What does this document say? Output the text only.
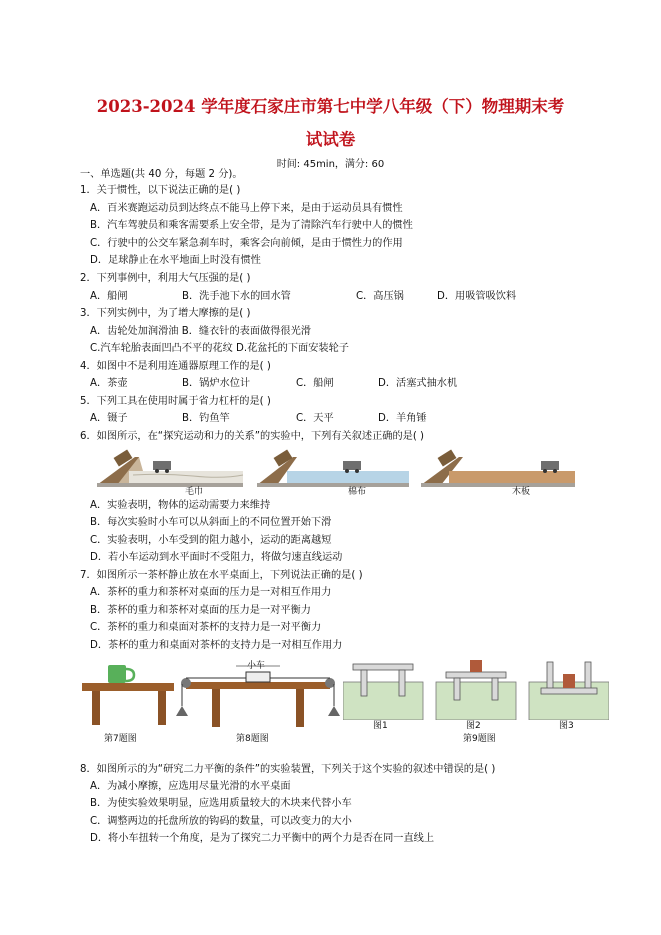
2023-2024 学年度石家庄市第七中学八年级（下）物理期末考
试试卷
时间: 45min，满分: 60
一、单选题(共 40 分，每题 2 分)。
1．关于惯性，以下说法正确的是( )
A．百米赛跑运动员到达终点不能马上停下来，是由于运动员具有惯性
B．汽车驾驶员和乘客需要系上安全带，是为了清除汽车行驶中人的惯性
C．行驶中的公交车紧急刹车时，乘客会向前倾，是由于惯性力的作用
D．足球静止在水平地面上时没有惯性
2．下列事例中，利用大气压强的是( )
A．船闸	B．洗手池下水的回水管	C．高压锅	D．用吸管吸饮料
3．下列实例中，为了增大摩擦的是( )
A．齿轮处加润滑油 B．缝衣针的表面做得很光滑
C.汽车轮胎表面凹凸不平的花纹 D.花盆托的下面安装轮子
4．如图中不是利用连通器原理工作的是( )
A．茶壶	B．锅炉水位计	C．船闸	D．活塞式抽水机
5．下列工具在使用时属于省力杠杆的是( )
A．镊子	B．钓鱼竿	C．天平	D．羊角锤
6．如图所示，在“探究运动和力的关系”的实验中，下列有关叙述正确的是( )
毛巾	棉布	木板
A．实验表明，物体的运动需要力来维持
B．每次实验时小车可以从斜面上的不同位置开始下滑
C．实验表明，小车受到的阻力越小，运动的距离越短
D．若小车运动到水平面时不受阻力，将做匀速直线运动
7．如图所示一茶杯静止放在水平桌面上，下列说法正确的是( )
A．茶杯的重力和茶杯对桌面的压力是一对相互作用力
B．茶杯的重力和茶杯对桌面的压力是一对平衡力
C．茶杯的重力和桌面对茶杯的支持力是一对平衡力
D．茶杯的重力和桌面对茶杯的支持力是一对相互作用力
第7题图
小车
第8题图
图1	图2	图3
第9题图
8．如图所示的为“研究二力平衡的条件”的实验装置，下列关于这个实验的叙述中错误的是( )
A．为减小摩擦，应选用尽量光滑的水平桌面
B．为使实验效果明显，应选用质量较大的木块来代替小车
C．调整两边的托盘所放的钩码的数量，可以改变力的大小
D．将小车扭转一个角度，是为了探究二力平衡中的两个力是否在同一直线上
